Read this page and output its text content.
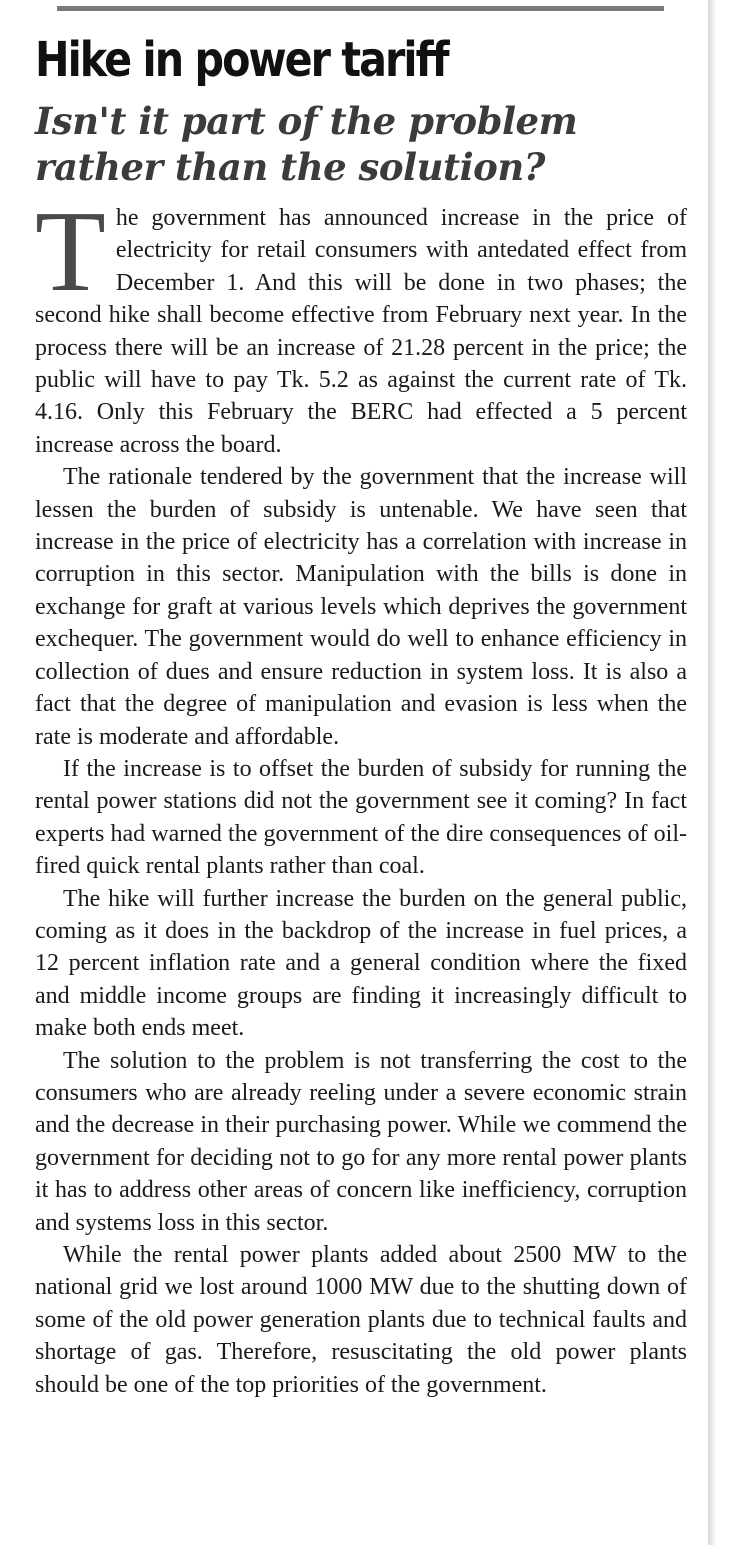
Hike in power tariff
Isn't it part of the problem rather than the solution?

The government has announced increase in the price of electricity for retail consumers with antedated effect from December 1. And this will be done in two phases; the second hike shall become effective from February next year. In the process there will be an increase of 21.28 percent in the price; the public will have to pay Tk. 5.2 as against the current rate of Tk. 4.16. Only this February the BERC had effected a 5 percent increase across the board.

The rationale tendered by the government that the increase will lessen the burden of subsidy is untenable. We have seen that increase in the price of electricity has a correlation with increase in corruption in this sector. Manipulation with the bills is done in exchange for graft at various levels which deprives the government exchequer. The government would do well to enhance efficiency in collection of dues and ensure reduction in system loss. It is also a fact that the degree of manipulation and evasion is less when the rate is moderate and affordable.

If the increase is to offset the burden of subsidy for running the rental power stations did not the government see it coming? In fact experts had warned the government of the dire consequences of oil-fired quick rental plants rather than coal.

The hike will further increase the burden on the general public, coming as it does in the backdrop of the increase in fuel prices, a 12 percent inflation rate and a general condition where the fixed and middle income groups are finding it increasingly difficult to make both ends meet.

The solution to the problem is not transferring the cost to the consumers who are already reeling under a severe economic strain and the decrease in their purchasing power. While we commend the government for deciding not to go for any more rental power plants it has to address other areas of concern like inefficiency, corruption and systems loss in this sector.

While the rental power plants added about 2500 MW to the national grid we lost around 1000 MW due to the shutting down of some of the old power generation plants due to technical faults and shortage of gas. Therefore, resuscitating the old power plants should be one of the top priorities of the government.
